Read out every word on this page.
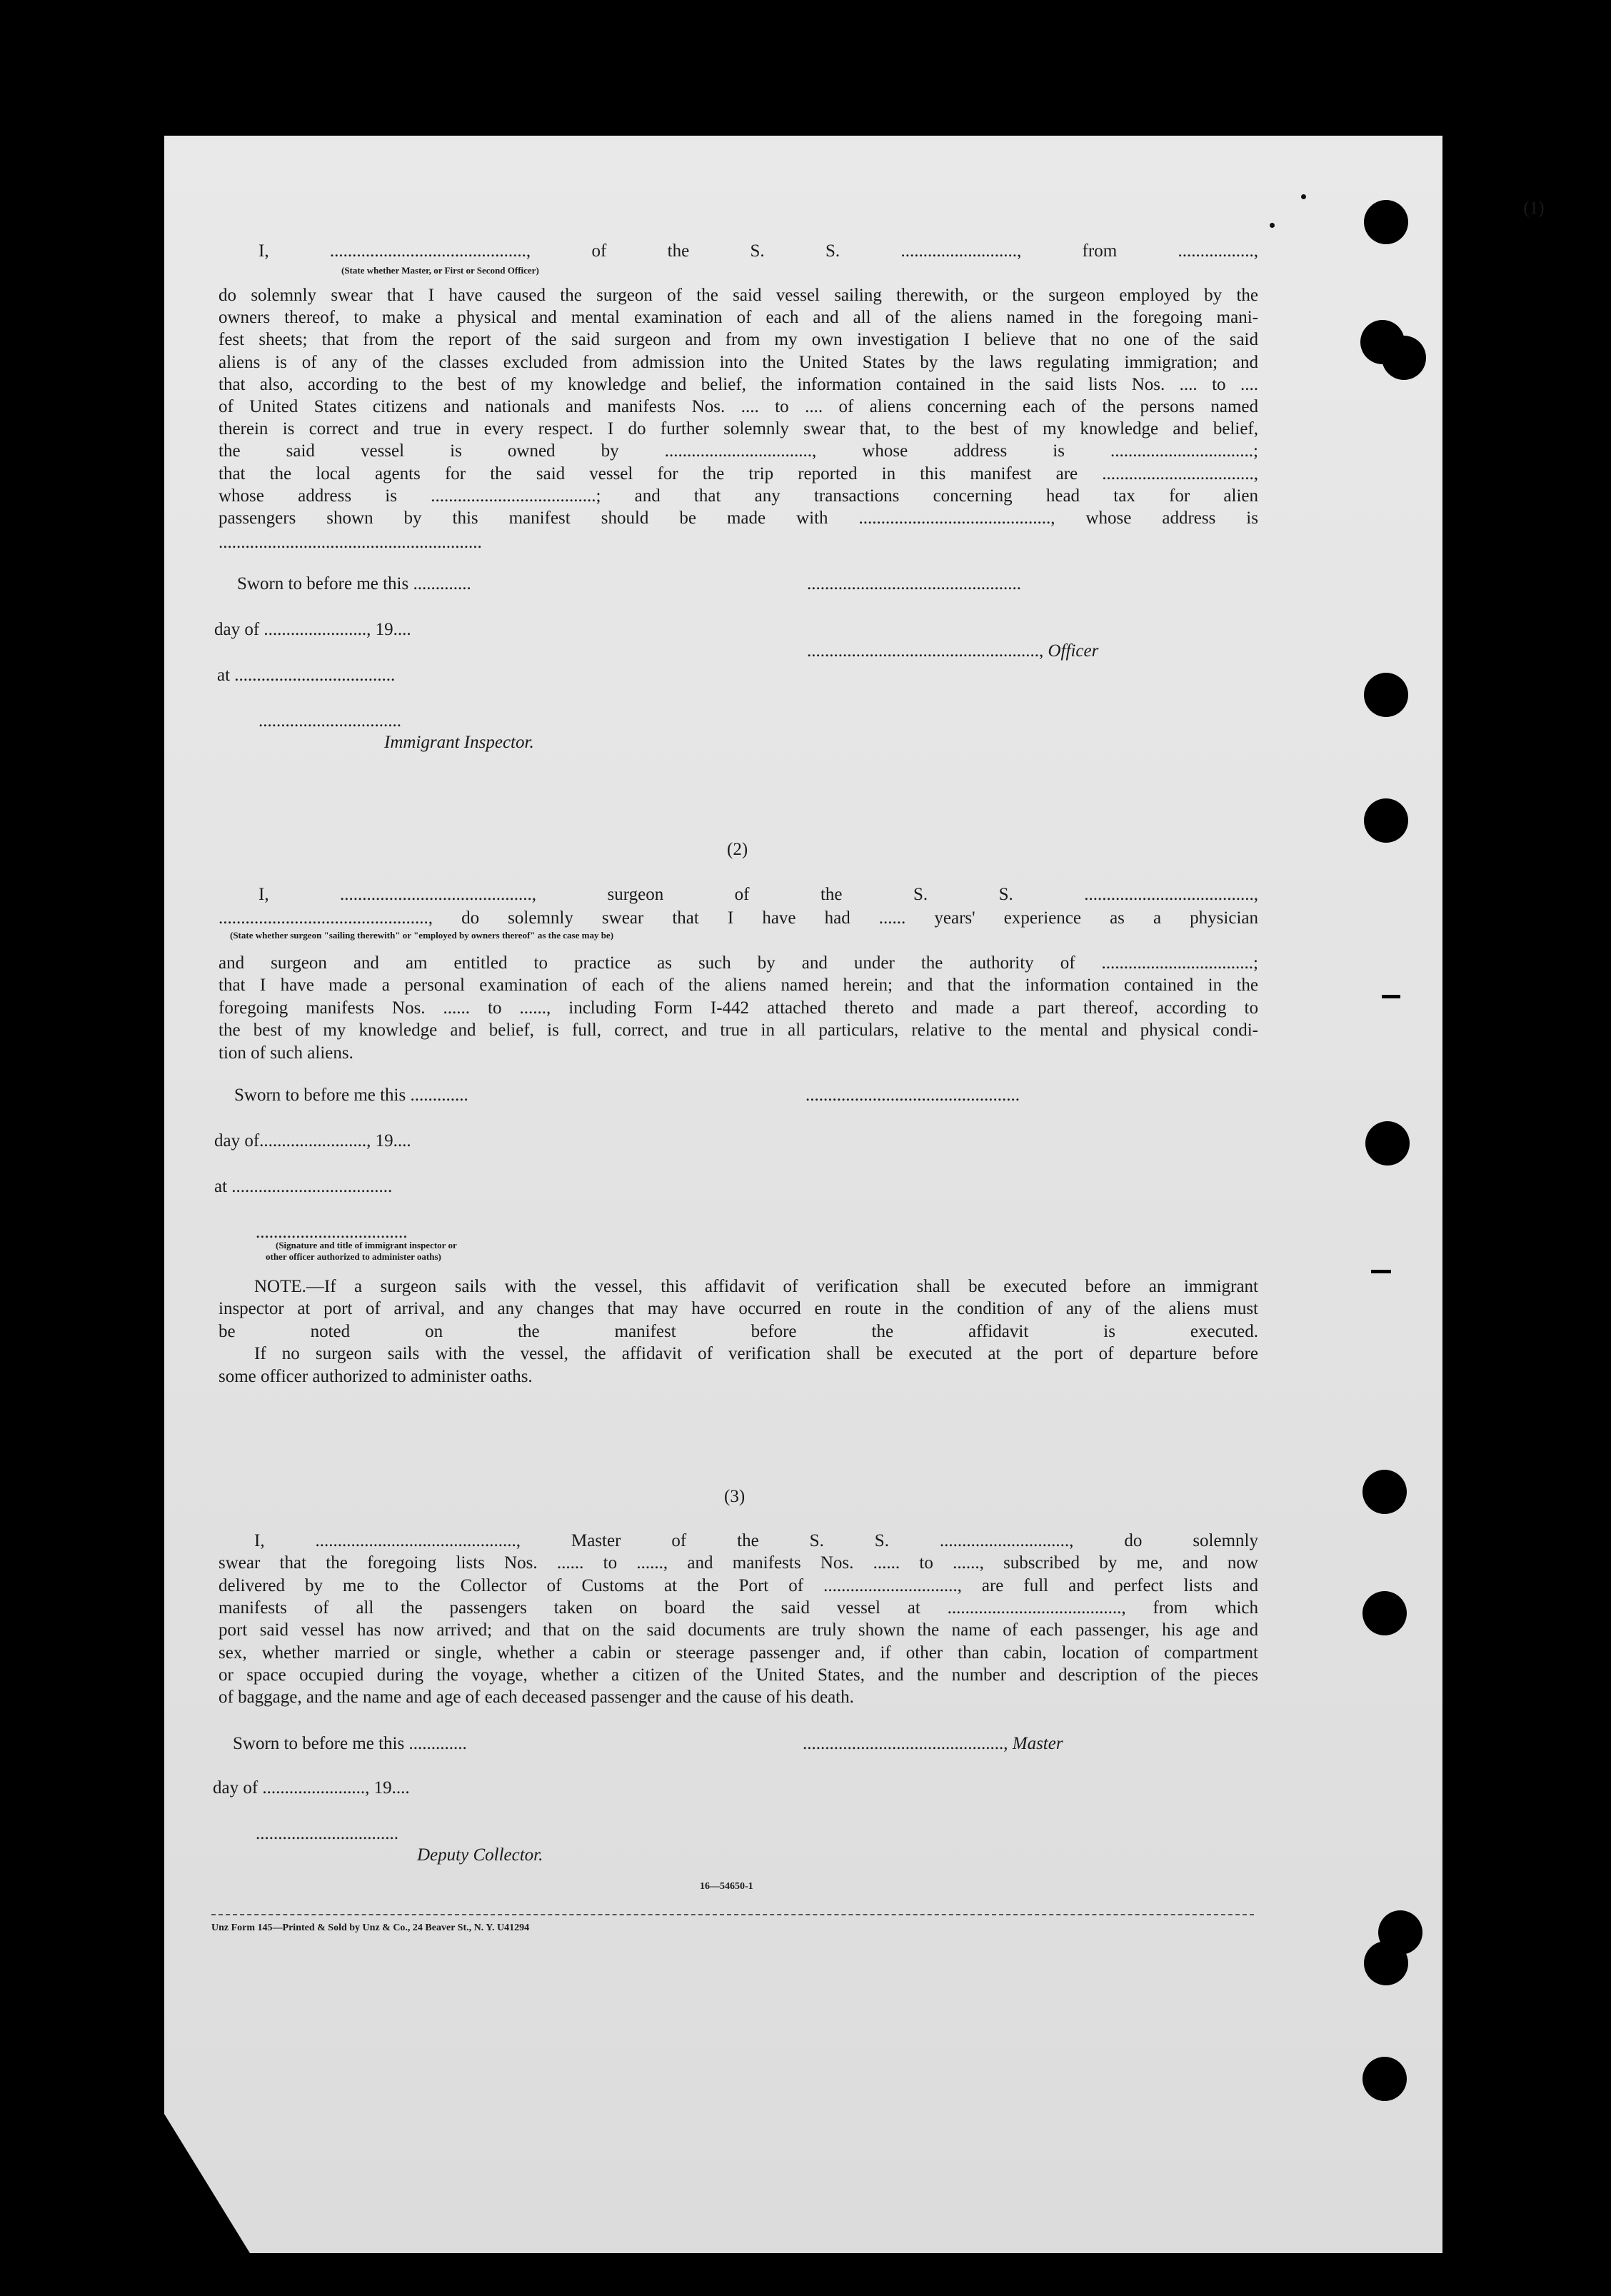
(1)
I, ............................................, of the S. S. .........................., from .................,
(State whether Master, or First or Second Officer)
do solemnly swear that I have caused the surgeon of the said vessel sailing therewith, or the surgeon employed by the
owners thereof, to make a physical and mental examination of each and all of the aliens named in the foregoing mani-
fest sheets; that from the report of the said surgeon and from my own investigation I believe that no one of the said
aliens is of any of the classes excluded from admission into the United States by the laws regulating immigration; and
that also, according to the best of my knowledge and belief, the information contained in the said lists Nos. .... to ....
of United States citizens and nationals and manifests Nos. .... to .... of aliens concerning each of the persons named
therein is correct and true in every respect. I do further solemnly swear that, to the best of my knowledge and belief,
the said vessel is owned by ................................., whose address is ................................;
that the local agents for the said vessel for the trip reported in this manifest are ..................................,
whose address is .....................................; and that any transactions concerning head tax for alien
passengers shown by this manifest should be made with ..........................................., whose address is
...........................................................
Sworn to before me this .............	................................................
day of ......................., 19....
...................................................., Officer
at ....................................
................................
Immigrant Inspector.
(2)
I, ..........................................., surgeon of the S. S. ......................................,
..............................................., do solemnly swear that I have had ...... years' experience as a physician
(State whether surgeon "sailing therewith" or "employed by owners thereof" as the case may be)
and surgeon and am entitled to practice as such by and under the authority of ..................................;
that I have made a personal examination of each of the aliens named herein; and that the information contained in the
foregoing manifests Nos. ...... to ......, including Form I-442 attached thereto and made a part thereof, according to
the best of my knowledge and belief, is full, correct, and true in all particulars, relative to the mental and physical condi-
tion of such aliens.
Sworn to before me this .............	................................................
day of........................, 19....
at ....................................
..................................
(Signature and title of immigrant inspector or
other officer authorized to administer oaths)
NOTE.—If a surgeon sails with the vessel, this affidavit of verification shall be executed before an immigrant
inspector at port of arrival, and any changes that may have occurred en route in the condition of any of the aliens must
be noted on the manifest before the affidavit is executed.
If no surgeon sails with the vessel, the affidavit of verification shall be executed at the port of departure before
some officer authorized to administer oaths.
(3)
I, ............................................., Master of the S. S. ............................., do solemnly
swear that the foregoing lists Nos. ...... to ......, and manifests Nos. ...... to ......, subscribed by me, and now
delivered by me to the Collector of Customs at the Port of .............................., are full and perfect lists and
manifests of all the passengers taken on board the said vessel at ......................................., from which
port said vessel has now arrived; and that on the said documents are truly shown the name of each passenger, his age and
sex, whether married or single, whether a cabin or steerage passenger and, if other than cabin, location of compartment
or space occupied during the voyage, whether a citizen of the United States, and the number and description of the pieces
of baggage, and the name and age of each deceased passenger and the cause of his death.
Sworn to before me this .............	............................................., Master
day of ......................., 19....
................................
Deputy Collector.
16—54650-1
Unz Form 145—Printed & Sold by Unz & Co., 24 Beaver St., N. Y. U41294
